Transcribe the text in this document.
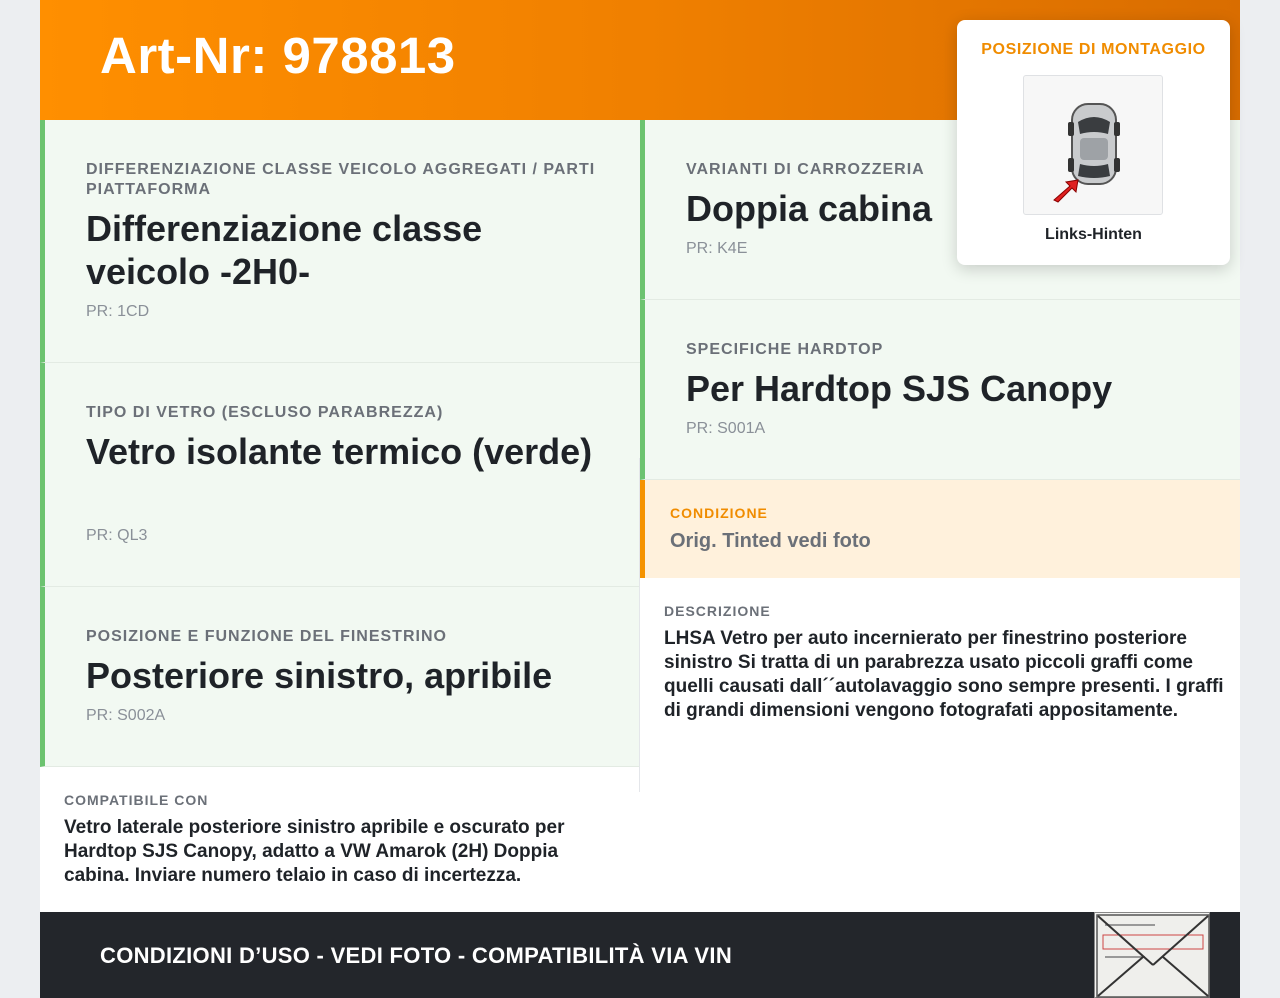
Art-Nr: 978813
DIFFERENZIAZIONE CLASSE VEICOLO AGGREGATI / PARTI PIATTAFORMA
Differenziazione classe veicolo -2H0-
PR: 1CD
TIPO DI VETRO (ESCLUSO PARABREZZA)
Vetro isolante termico (verde)
PR: QL3
POSIZIONE E FUNZIONE DEL FINESTRINO
Posteriore sinistro, apribile
PR: S002A
COMPATIBILE CON
Vetro laterale posteriore sinistro apribile e oscurato per Hardtop SJS Canopy, adatto a VW Amarok (2H) Doppia cabina. Inviare numero telaio in caso di incertezza.
VARIANTI DI CARROZZERIA
Doppia cabina
PR: K4E
SPECIFICHE HARDTOP
Per Hardtop SJS Canopy
PR: S001A
CONDIZIONE
Orig. Tinted vedi foto
DESCRIZIONE
LHSA Vetro per auto incernierato per finestrino posteriore sinistro Si tratta di un parabrezza usato piccoli graffi come quelli causati dall´´autolavaggio sono sempre presenti. I graffi di grandi dimensioni vengono fotografati appositamente.
CONDIZIONI D’USO - VEDI FOTO - COMPATIBILITÀ VIA VIN
POSIZIONE DI MONTAGGIO
Links-Hinten
